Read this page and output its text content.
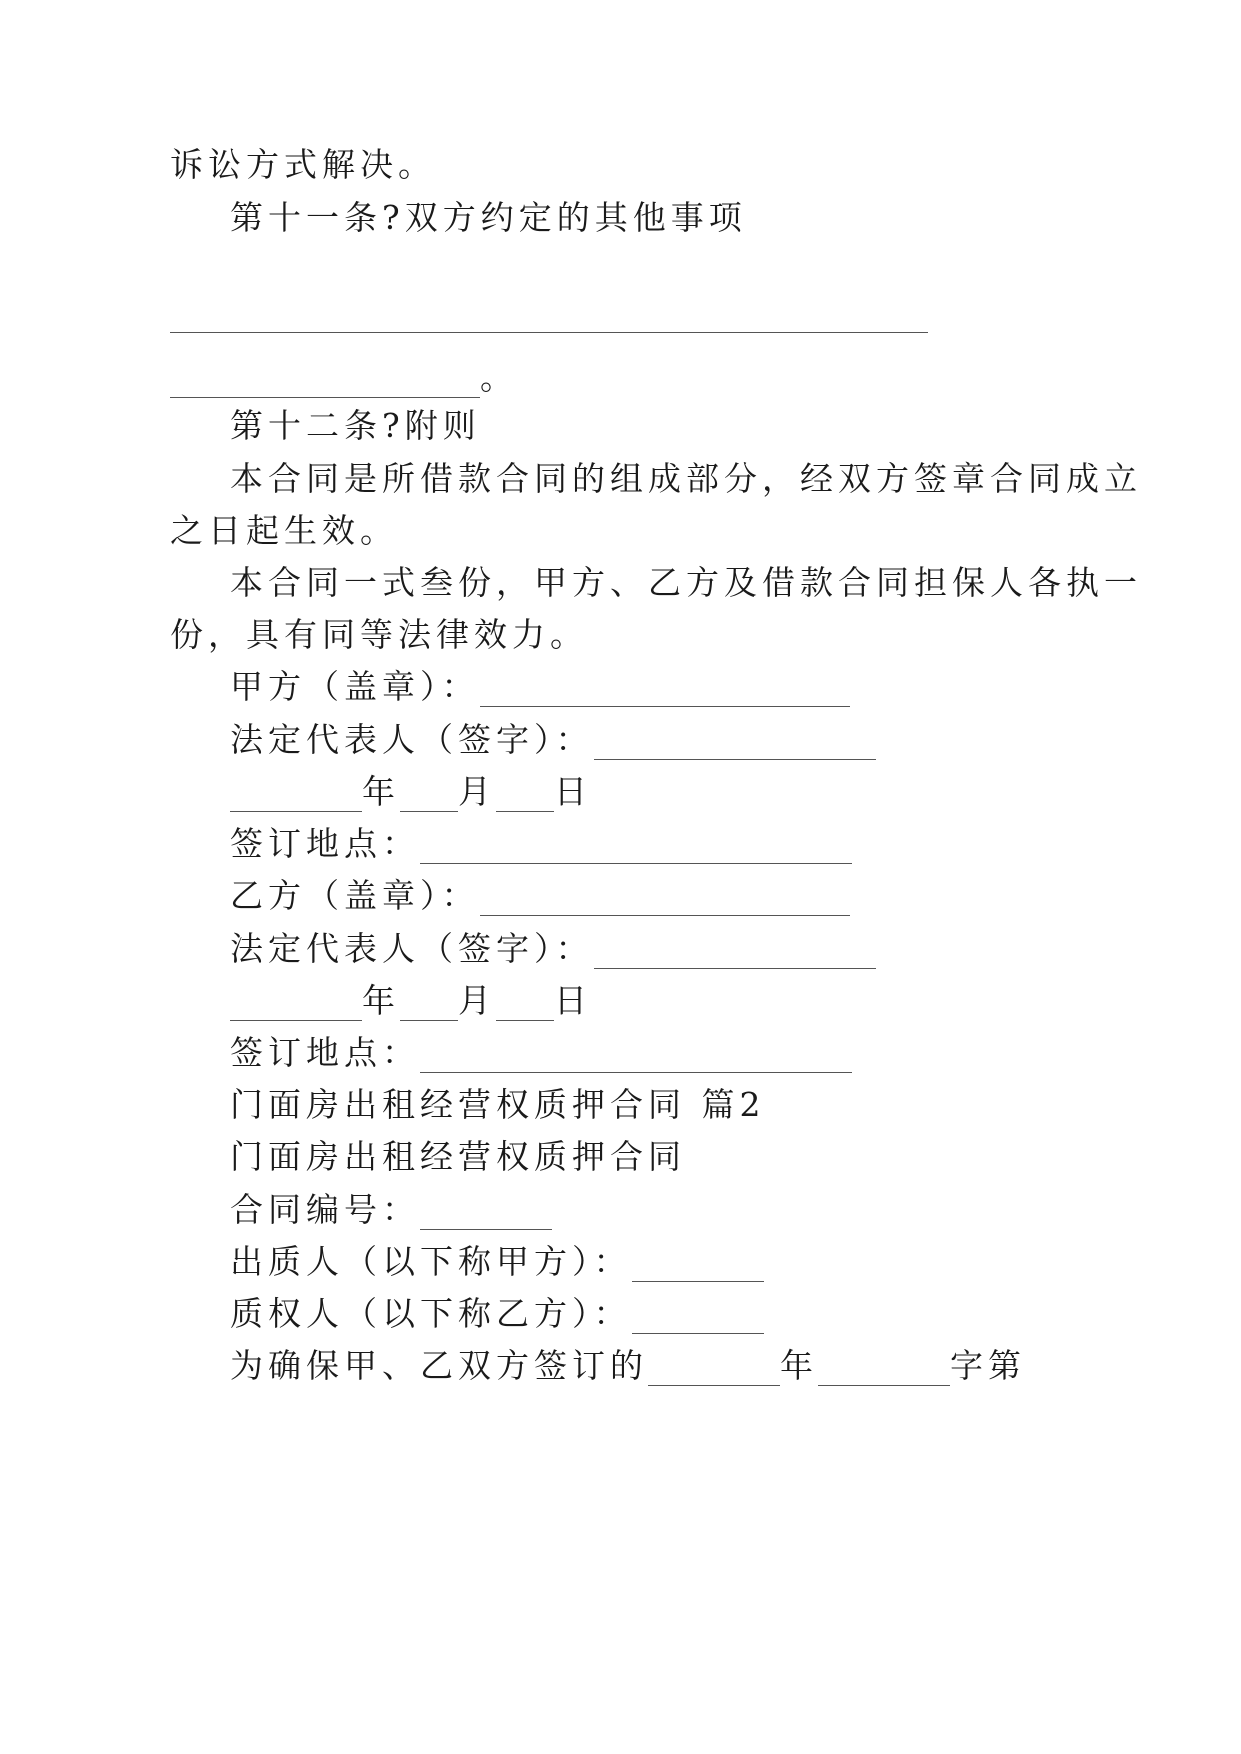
诉讼方式解决。
第十一条?双方约定的其他事项
。
第十二条?附则
本合同是所借款合同的组成部分，经双方签章合同成立
之日起生效。
本合同一式叁份，甲方、乙方及借款合同担保人各执一
份，具有同等法律效力。
甲方（盖章）：
法定代表人（签字）：
年 月 日
签订地点：
乙方（盖章）：
法定代表人（签字）：
年 月 日
签订地点：
门面房出租经营权质押合同 篇2
门面房出租经营权质押合同
合同编号：
出质人（以下称甲方）：
质权人（以下称乙方）：
为确保甲、乙双方签订的	年	字第
